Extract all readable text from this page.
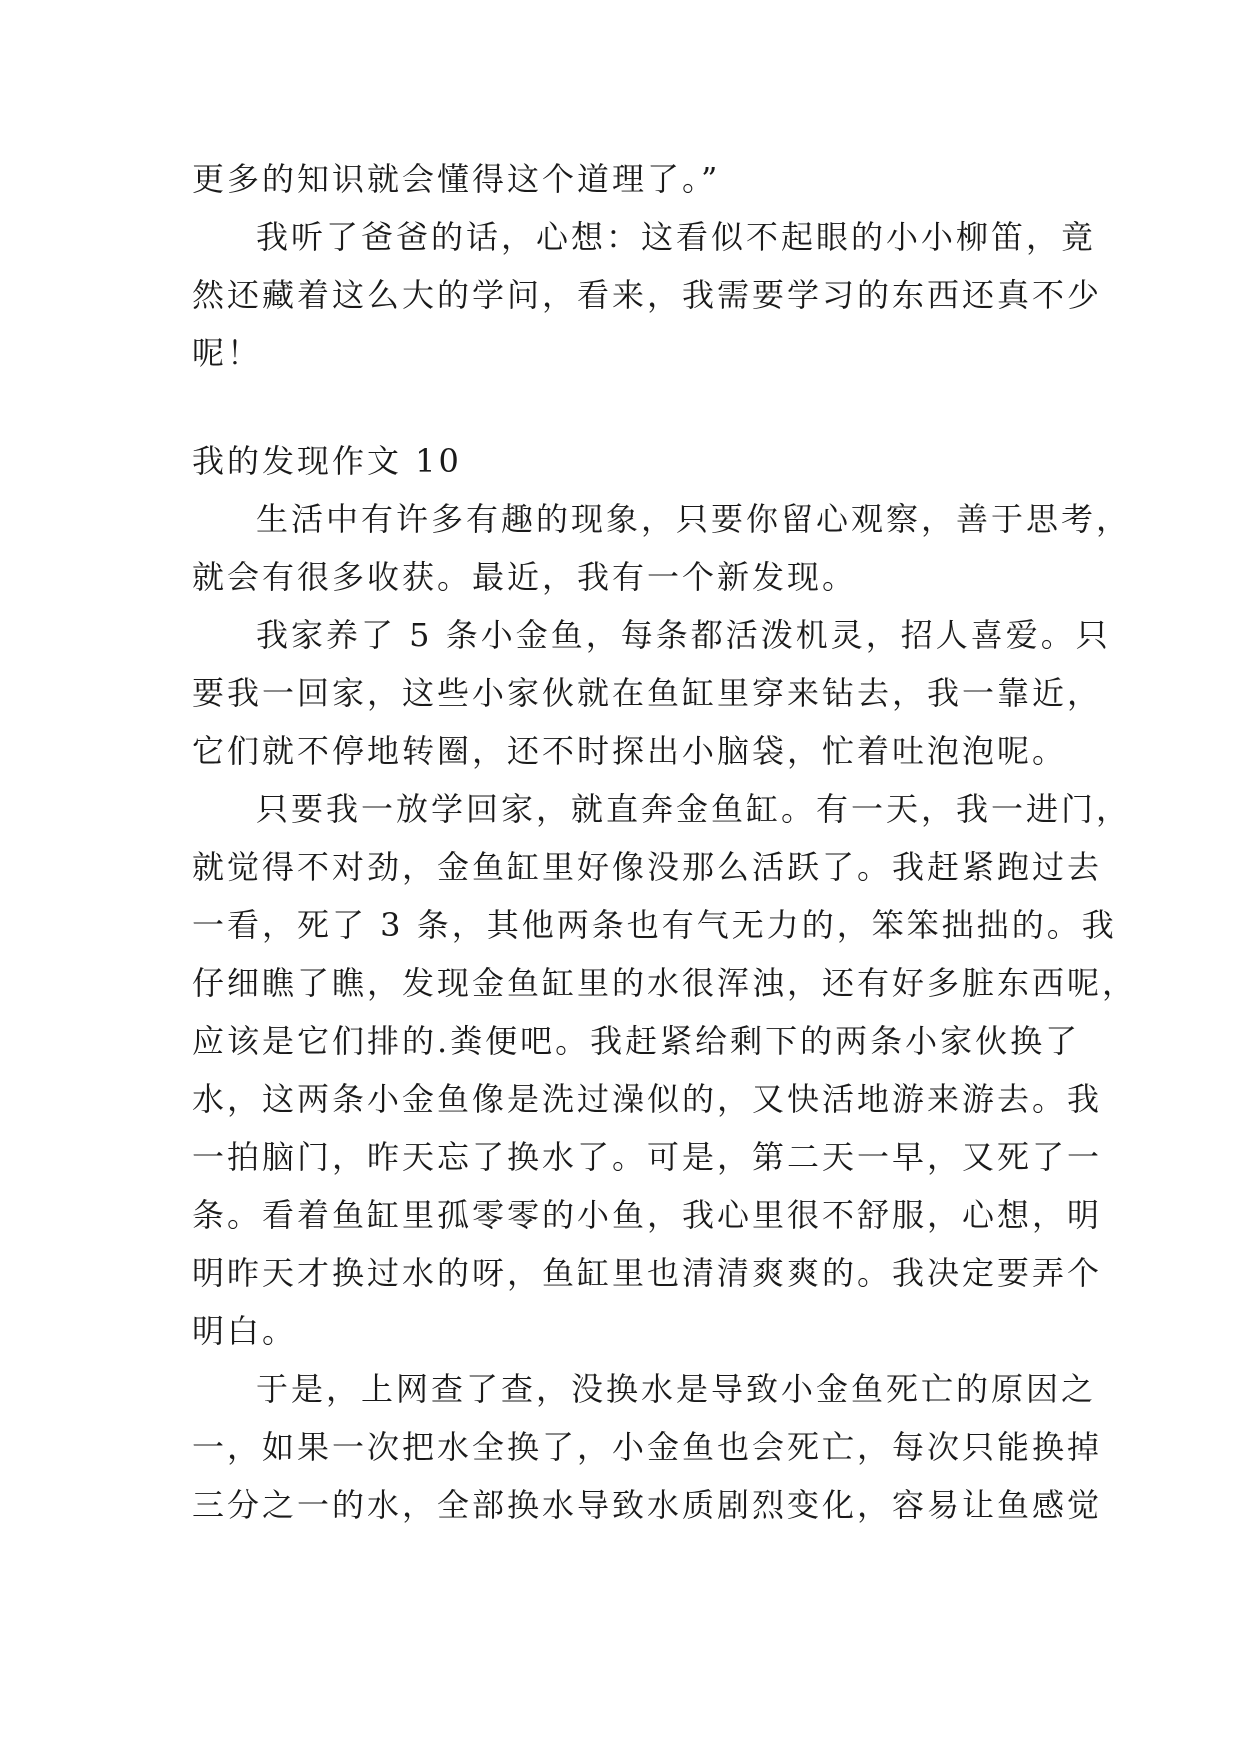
更多的知识就会懂得这个道理了。”
我听了爸爸的话，心想：这看似不起眼的小小柳笛，竟
然还藏着这么大的学问，看来，我需要学习的东西还真不少
呢！
我的发现作文 10
生活中有许多有趣的现象，只要你留心观察，善于思考，
就会有很多收获。最近，我有一个新发现。
我家养了 5 条小金鱼，每条都活泼机灵，招人喜爱。只
要我一回家，这些小家伙就在鱼缸里穿来钻去，我一靠近，
它们就不停地转圈，还不时探出小脑袋，忙着吐泡泡呢。
只要我一放学回家，就直奔金鱼缸。有一天，我一进门，
就觉得不对劲，金鱼缸里好像没那么活跃了。我赶紧跑过去
一看，死了 3 条，其他两条也有气无力的，笨笨拙拙的。我
仔细瞧了瞧，发现金鱼缸里的水很浑浊，还有好多脏东西呢，
应该是它们排的.粪便吧。我赶紧给剩下的两条小家伙换了
水，这两条小金鱼像是洗过澡似的，又快活地游来游去。我
一拍脑门，昨天忘了换水了。可是，第二天一早，又死了一
条。看着鱼缸里孤零零的小鱼，我心里很不舒服，心想，明
明昨天才换过水的呀，鱼缸里也清清爽爽的。我决定要弄个
明白。
于是，上网查了查，没换水是导致小金鱼死亡的原因之
一，如果一次把水全换了，小金鱼也会死亡，每次只能换掉
三分之一的水，全部换水导致水质剧烈变化，容易让鱼感觉
